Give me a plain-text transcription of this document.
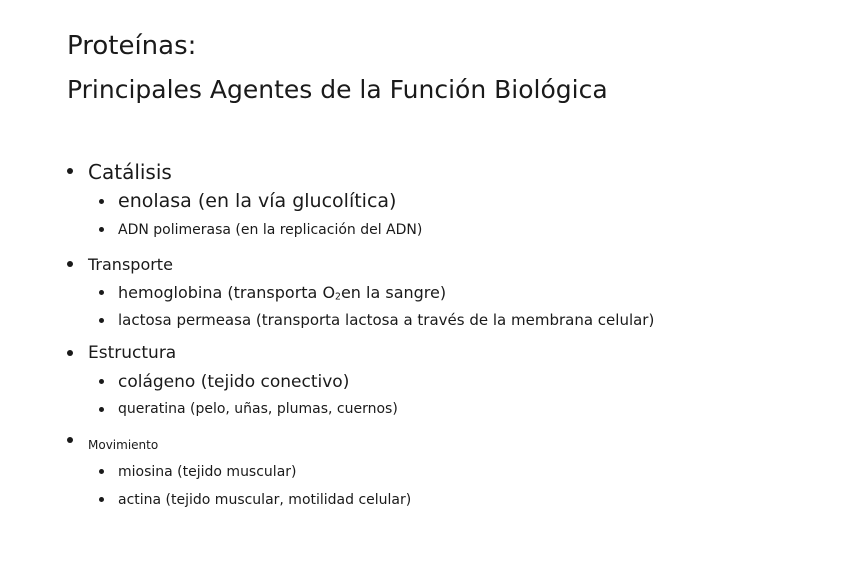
Proteínas:
Principales Agentes de la Función Biológica
Catálisis
enolasa (en la vía glucolítica)
ADN polimerasa (en la replicación del ADN)
Transporte
hemoglobina (transporta $O_2en$ la sangre)
lactosa permeasa (transporta lactosa a través de la membrana celular)
Estructura
colágeno (tejido conectivo)
queratina (pelo, uñas, plumas, cuernos)
Movimiento
miosina (tejido muscular)
actina (tejido muscular, motilidad celular)
